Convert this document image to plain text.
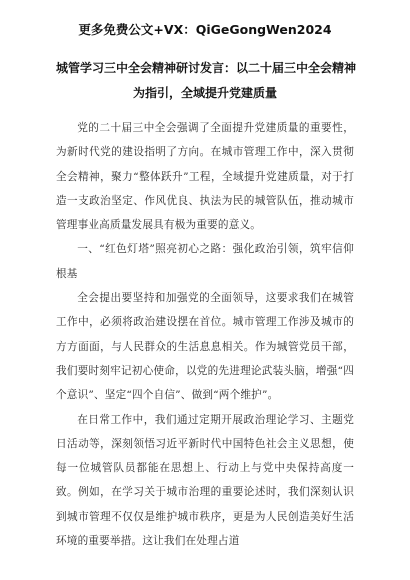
更多免费公文+VX：QiGeGongWen2024
城管学习三中全会精神研讨发言：以二十届三中全会精神
为指引，全域提升党建质量

党的二十届三中全会强调了全面提升党建质量的重要性，为新时代党的建设指明了方向。在城市管理工作中，深入贯彻全会精神，聚力“整体跃升”工程，全域提升党建质量，对于打造一支政治坚定、作风优良、执法为民的城管队伍，推动城市管理事业高质量发展具有极为重要的意义。

一、“红色灯塔”照亮初心之路：强化政治引领，筑牢信仰根基

全会提出要坚持和加强党的全面领导，这要求我们在城管工作中，必须将政治建设摆在首位。城市管理工作涉及城市的方方面面，与人民群众的生活息息相关。作为城管党员干部，我们要时刻牢记初心使命，以党的先进理论武装头脑，增强“四个意识”、坚定“四个自信”、做到“两个维护”。

在日常工作中，我们通过定期开展政治理论学习、主题党日活动等，深刻领悟习近平新时代中国特色社会主义思想，使每一位城管队员都能在思想上、行动上与党中央保持高度一致。例如，在学习关于城市治理的重要论述时，我们深刻认识到城市管理不仅仅是维护城市秩序，更是为人民创造美好生活环境的重要举措。这让我们在处理占道
